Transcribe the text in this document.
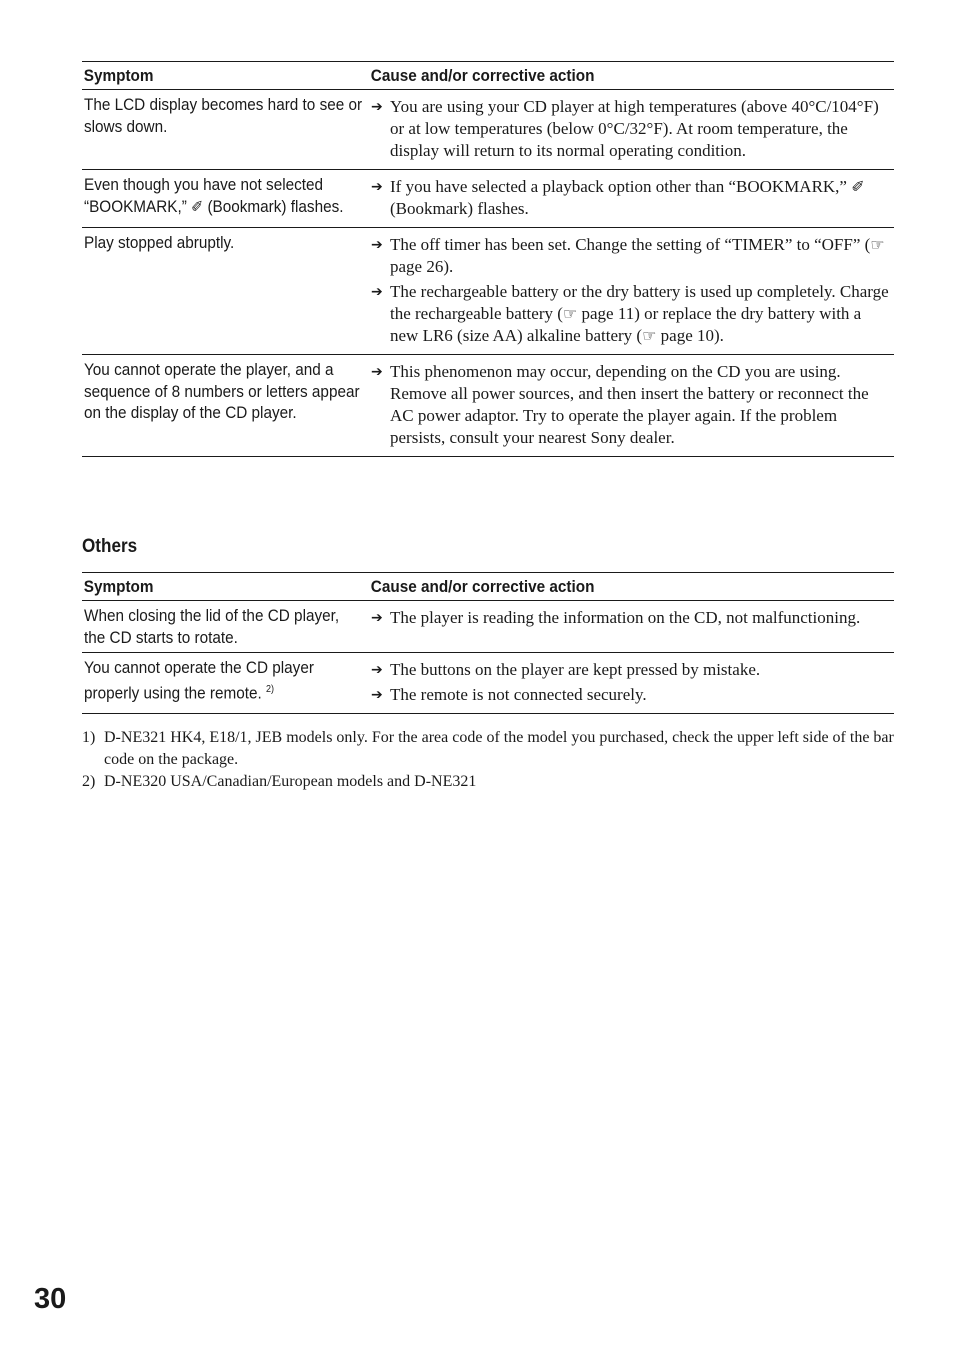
Symptom	Cause and/or corrective action

The LCD display becomes hard to see or slows down.	➔ You are using your CD player at high temperatures (above 40°C/104°F) or at low temperatures (below 0°C/32°F). At room temperature, the display will return to its normal operating condition.

Even though you have not selected “BOOKMARK,” ✐ (Bookmark) flashes.	➔ If you have selected a playback option other than “BOOKMARK,” ✐ (Bookmark) flashes.

Play stopped abruptly.	➔ The off timer has been set. Change the setting of “TIMER” to “OFF” (☞ page 26).
➔ The rechargeable battery or the dry battery is used up completely. Charge the rechargeable battery (☞ page 11) or replace the dry battery with a new LR6 (size AA) alkaline battery (☞ page 10).

You cannot operate the player, and a sequence of 8 numbers or letters appear on the display of the CD player.	➔ This phenomenon may occur, depending on the CD you are using. Remove all power sources, and then insert the battery or reconnect the AC power adaptor. Try to operate the player again. If the problem persists, consult your nearest Sony dealer.
Others
Symptom	Cause and/or corrective action

When closing the lid of the CD player, the CD starts to rotate.	➔ The player is reading the information on the CD, not malfunctioning.

You cannot operate the CD player properly using the remote. $^{2)}$	➔ The buttons on the player are kept pressed by mistake.
➔ The remote is not connected securely.
1) D-NE321 HK4, E18/1, JEB models only. For the area code of the model you purchased, check the upper left side of the bar code on the package.
2) D-NE320 USA/Canadian/European models and D-NE321
30
